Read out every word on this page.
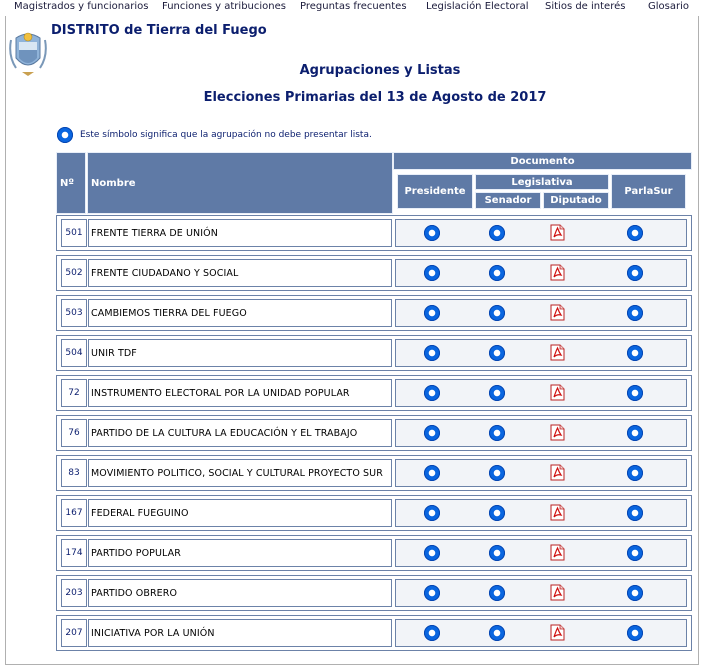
Magistrados y funcionarios Funciones y atribuciones Preguntas frecuentes Legislación Electoral Sitios de interés Glosario
DISTRITO de Tierra del Fuego
Agrupaciones y Listas
Elecciones Primarias del 13 de Agosto de 2017
Este símbolo significa que la agrupación no debe presentar lista.
Nº	Nombre
Documento
Presidente
Legislativa
Senador	Diputado
ParlaSur
501 FRENTE TIERRA DE UNIÓN
502 FRENTE CIUDADANO Y SOCIAL
503 CAMBIEMOS TIERRA DEL FUEGO
504 UNIR TDF
72	INSTRUMENTO ELECTORAL POR LA UNIDAD POPULAR
76	PARTIDO DE LA CULTURA LA EDUCACIÓN Y EL TRABAJO
83	MOVIMIENTO POLITICO, SOCIAL Y CULTURAL PROYECTO SUR
167 FEDERAL FUEGUINO
174 PARTIDO POPULAR
203 PARTIDO OBRERO
207 INICIATIVA POR LA UNIÓN
